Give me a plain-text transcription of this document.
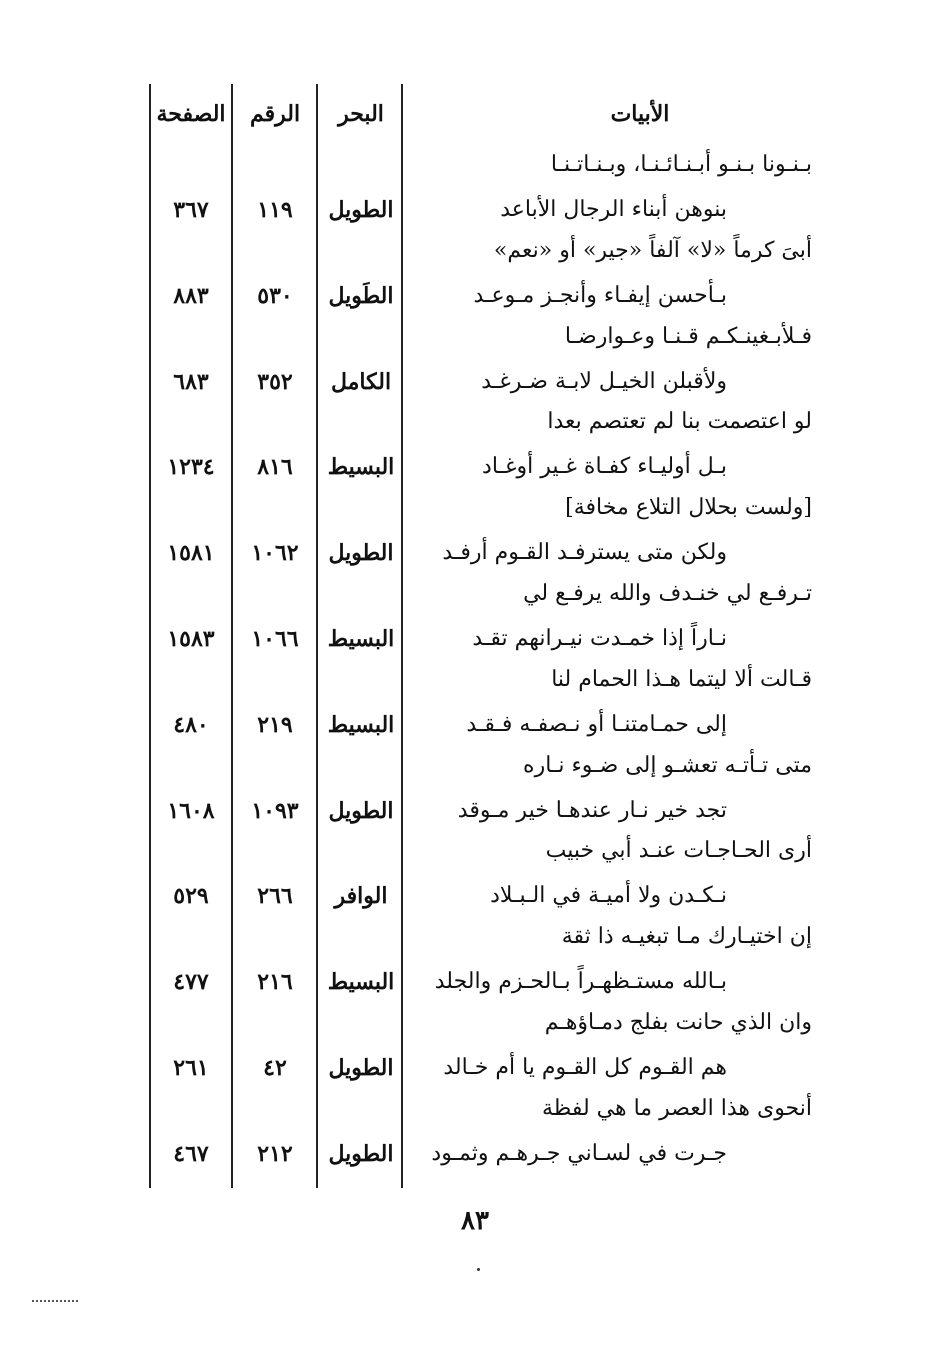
الأبيات
البحر
الرقم
الصفحة
بـنـونا بـنـو أبـنـائـنـا، وبـنـاتـنـا
بنوهن أبناء الرجال الأباعد
الطويل
١١٩
٣٦٧
أبىَ كرماً «لا» آلفاً «جير» أو «نعم»
بـأحسن إيفـاء وأنجـز مـوعـد
الطَويل
٥٣٠
٨٨٣
فـلأبـغينـكـم قـنـا وعـوارضـا
ولأقبلن الخيـل لابـة ضـرغـد
الكامل
٣٥٢
٦٨٣
لو اعتصمت بنا لم تعتصم بعدا
بـل أوليـاء كفـاة غـير أوغـاد
البسيط
٨١٦
١٢٣٤
[ولست بحلال التلاع مخافة]
ولكن متى يسترفـد القـوم أرفـد
الطويل
١٠٦٢
١٥٨١
تـرفـع لي خنـدف والله يرفـع لي
نـاراً إذا خمـدت نيـرانهم تقـد
البسيط
١٠٦٦
١٥٨٣
قـالت ألا ليتما هـذا الحمام لنا
إلى حمـامتنـا أو نـصفـه فـقـد
البسيط
٢١٩
٤٨٠
متى تـأتـه تعشـو إلى ضـوء نـاره
تجد خير نـار عندهـا خير مـوقد
الطويل
١٠٩٣
١٦٠٨
أرى الحـاجـات عنـد أبي خبيب
نـكـدن ولا أميـة في الـبـلاد
الوافر
٢٦٦
٥٢٩
إن اختيـارك مـا تبغيـه ذا ثقة
بـالله مستـظهـراً بـالحـزم والجلد
البسيط
٢١٦
٤٧٧
وان الذي حانت بفلج دمـاؤهـم
هم القـوم كل القـوم يا أم خـالد
الطويل
٤٢
٢٦١
أنحوى هذا العصر ما هي لفظة
جـرت في لسـاني جـرهـم وثمـود
الطويل
٢١٢
٤٦٧
٨٣
